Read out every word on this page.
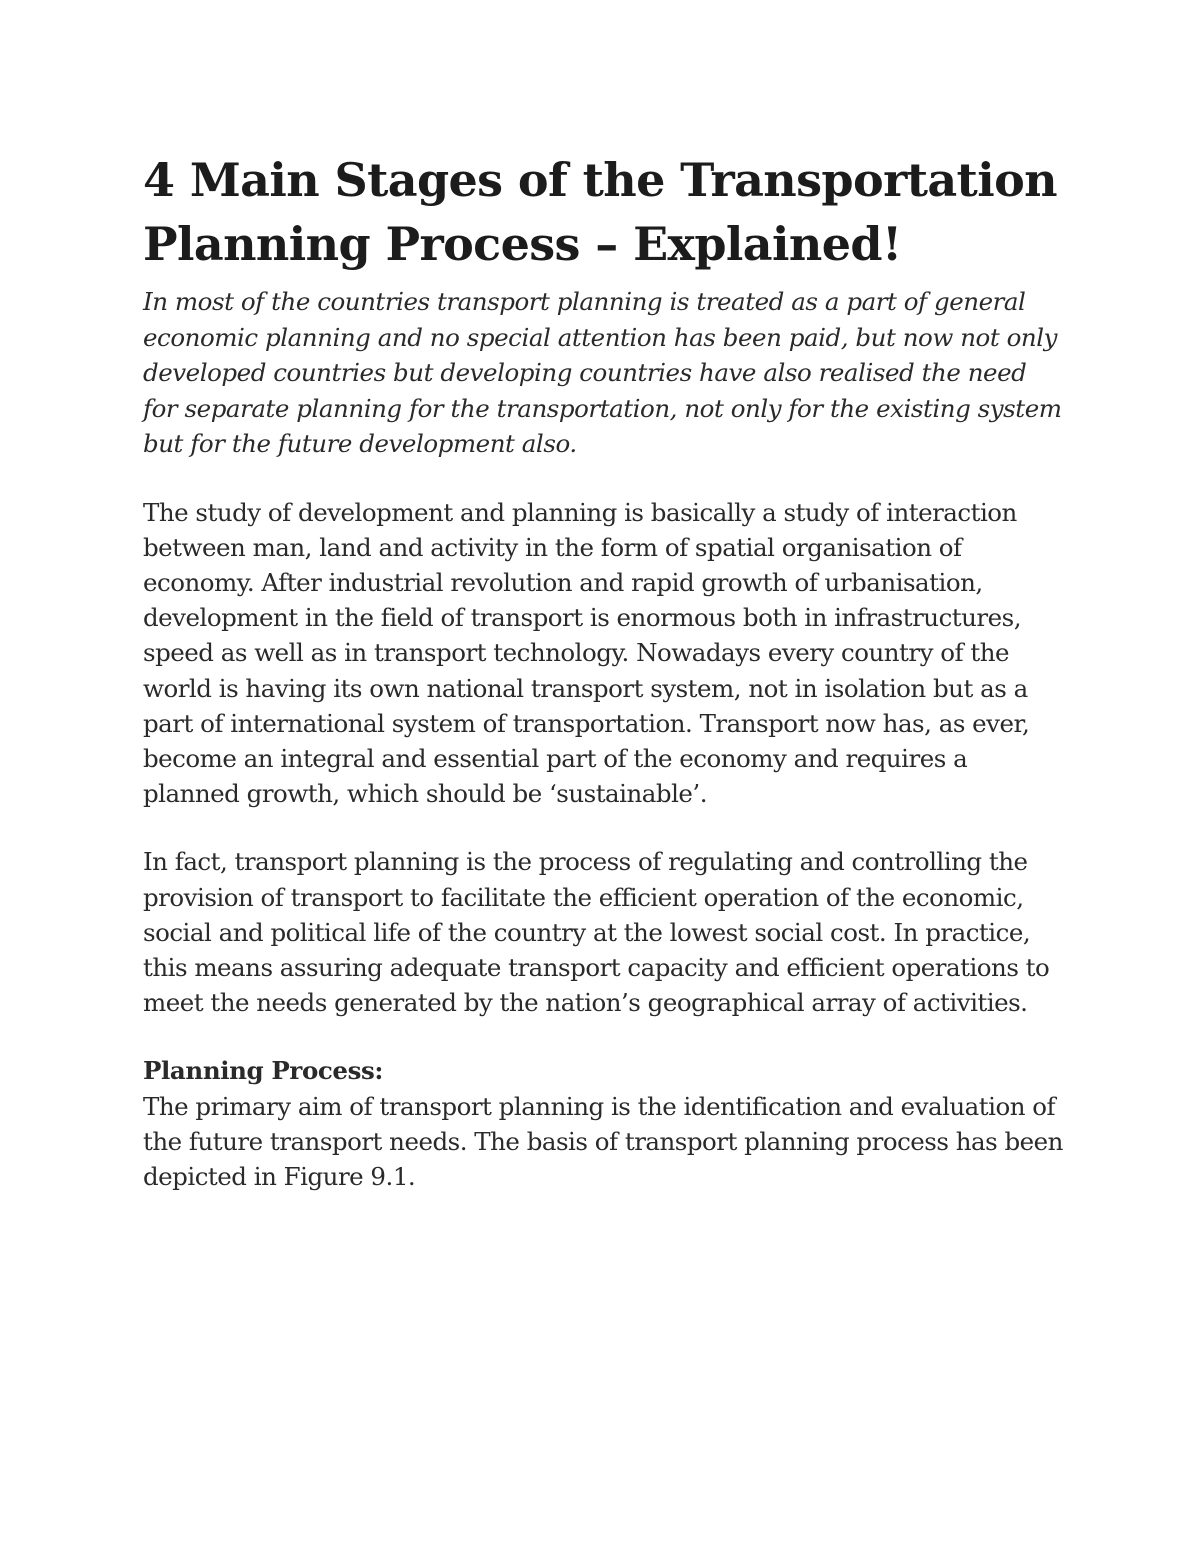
4 Main Stages of the Transportation Planning Process – Explained!

In most of the countries transport planning is treated as a part of general economic planning and no special attention has been paid, but now not only developed countries but developing countries have also realised the need for separate planning for the transportation, not only for the existing system but for the future development also.

The study of development and planning is basically a study of interaction between man, land and activity in the form of spatial organisation of economy. After industrial revolution and rapid growth of urbanisation, development in the field of transport is enormous both in infrastructures, speed as well as in transport technology. Nowadays every country of the world is having its own national transport system, not in isolation but as a part of international system of transportation. Transport now has, as ever, become an integral and essential part of the economy and requires a planned growth, which should be ‘sustainable’.

In fact, transport planning is the process of regulating and controlling the provision of transport to facilitate the efficient operation of the economic, social and political life of the country at the lowest social cost. In practice, this means assuring adequate transport capacity and efficient operations to meet the needs generated by the nation’s geographical array of activities.

Planning Process:

The primary aim of transport planning is the identification and evaluation of the future transport needs. The basis of transport planning process has been depicted in Figure 9.1.
